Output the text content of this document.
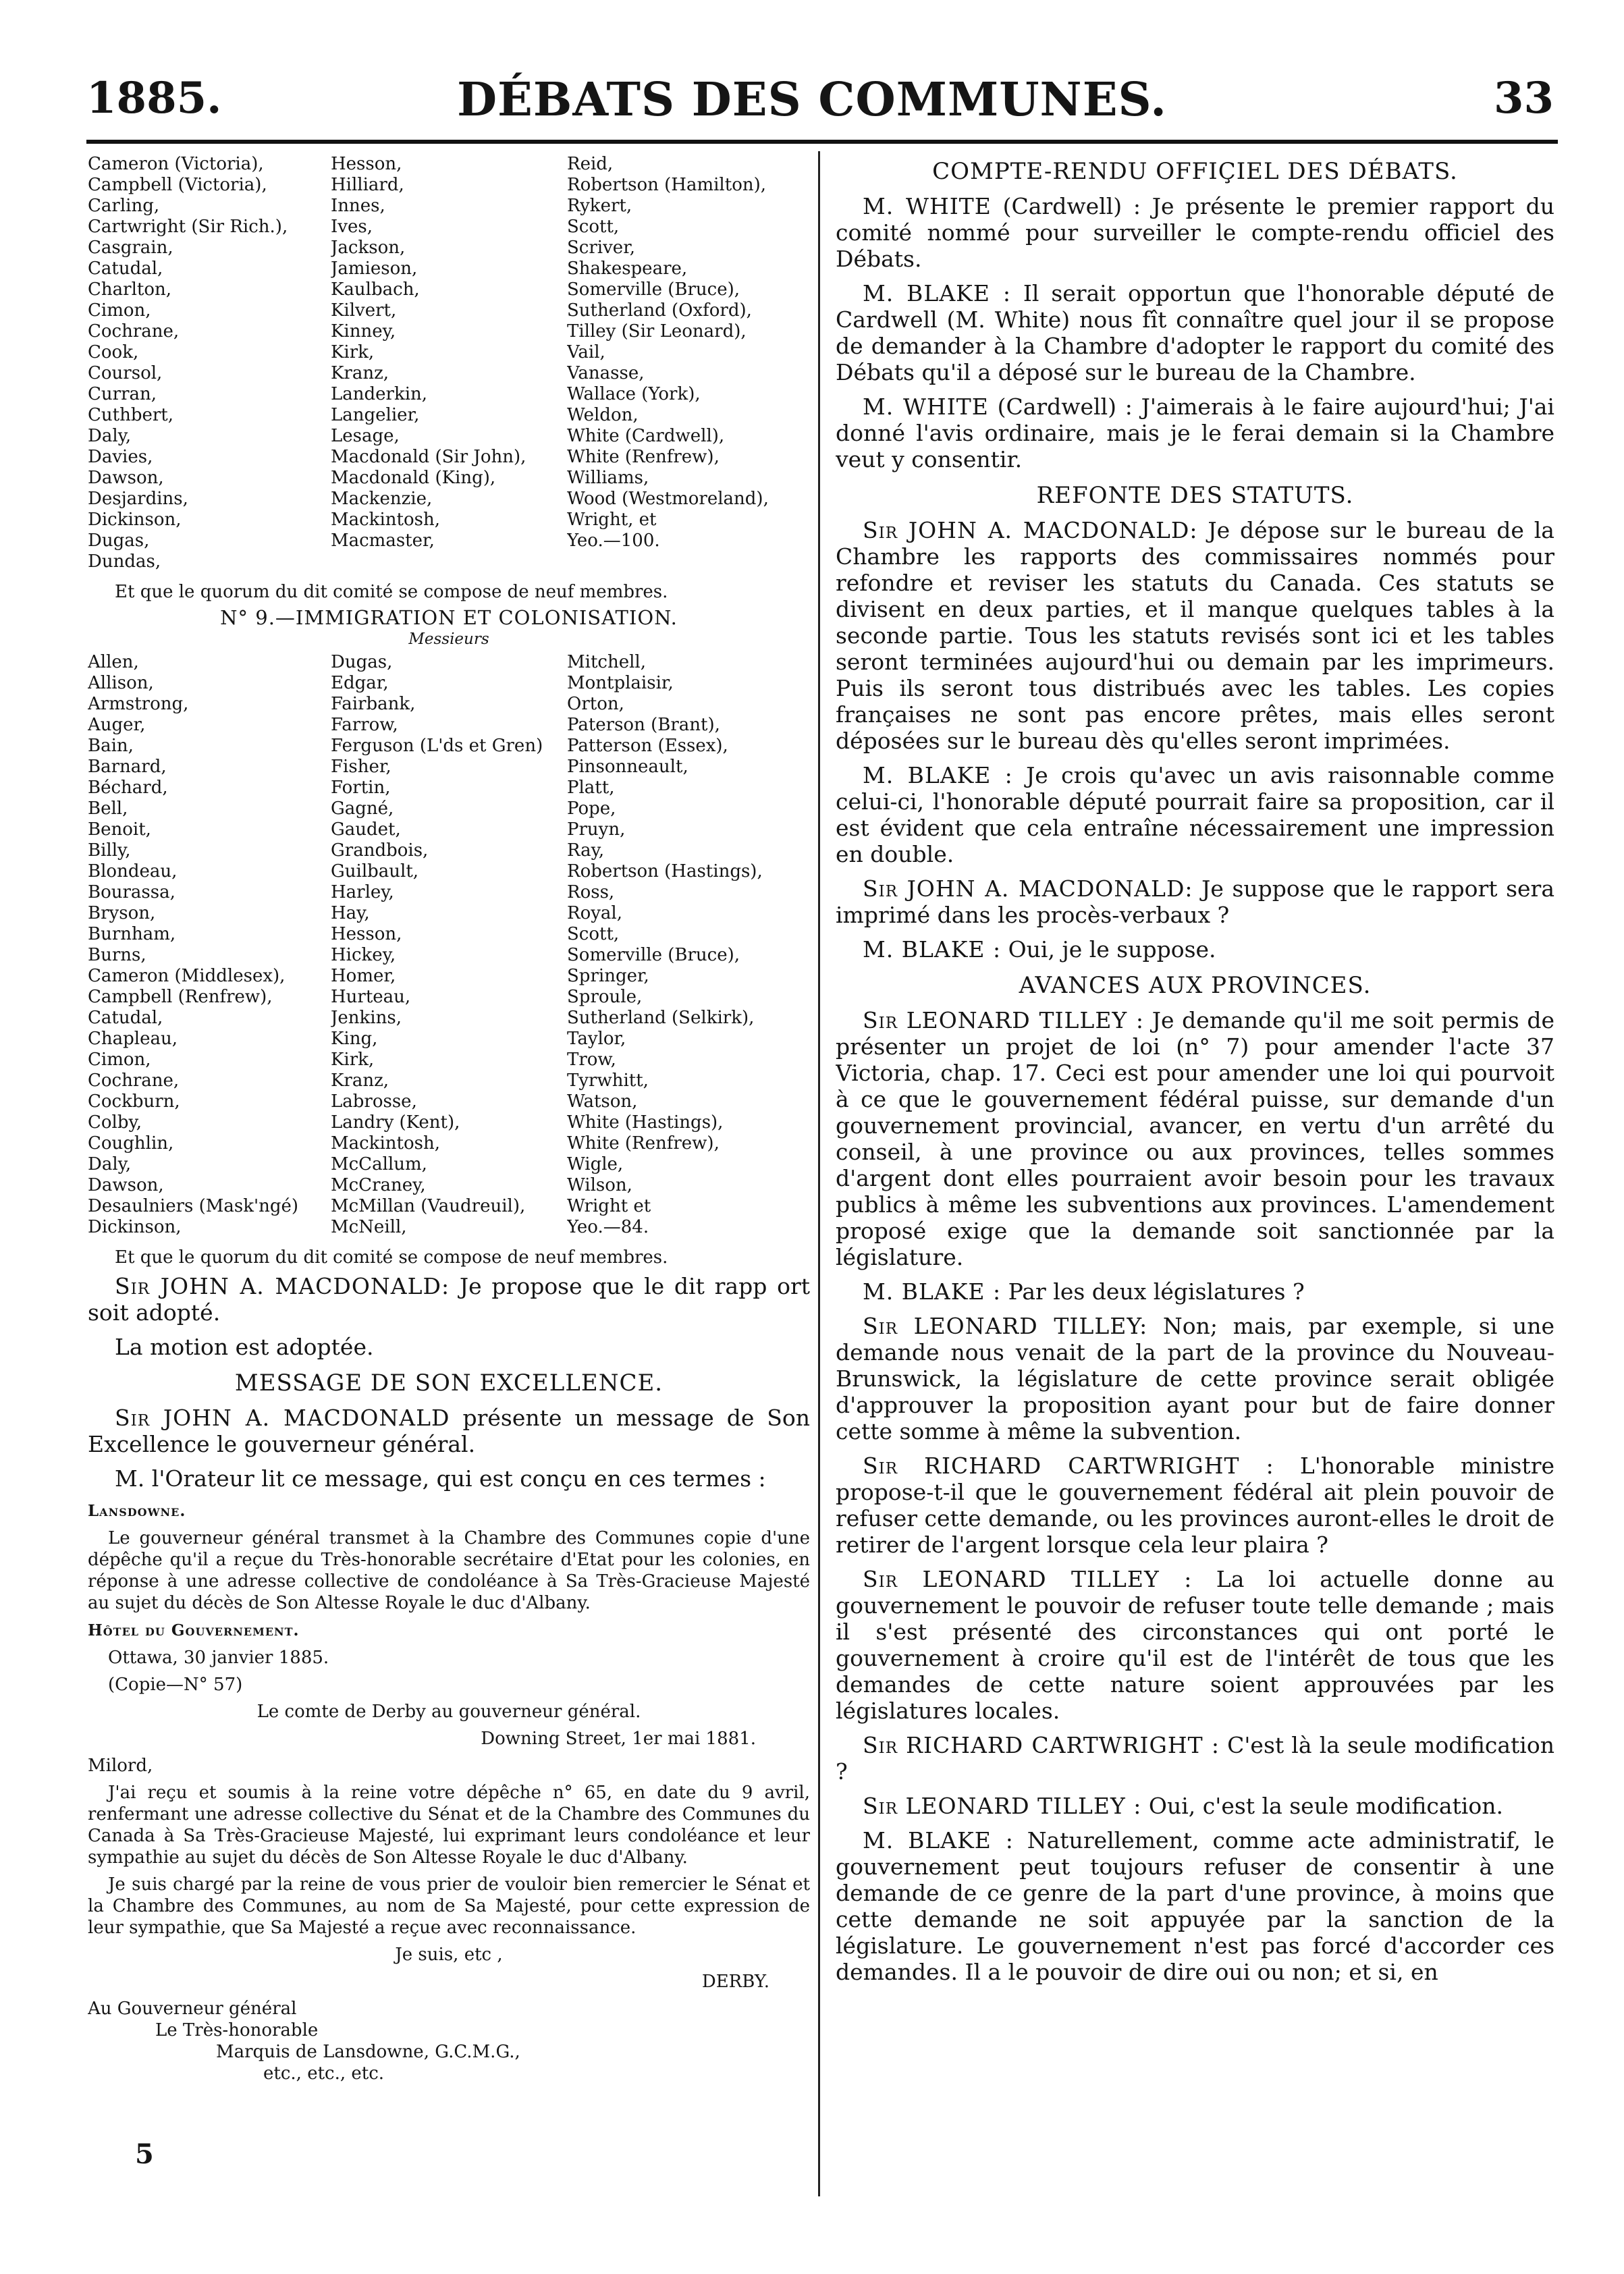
DÉBATS DES COMMUNES.
1885.	33
Cameron (Victoria),	Hesson,	Reid,
Campbell (Victoria),	Hilliard,	Robertson (Hamilton),
Carling,	Innes,	Rykert,
Cartwright (Sir Rich.),	Ives,	Scott,
Casgrain,	Jackson,	Scriver,
Catudal,	Jamieson,	Shakespeare,
Charlton,	Kaulbach,	Somerville (Bruce),
Cimon,	Kilvert,	Sutherland (Oxford),
Cochrane,	Kinney,	Tilley (Sir Leonard),
Cook,	Kirk,	Vail,
Coursol,	Kranz,	Vanasse,
Curran,	Landerkin,	Wallace (York),
Cuthbert,	Langelier,	Weldon,
Daly,	Lesage,	White (Cardwell),
Davies,	Macdonald (Sir John),	White (Renfrew),
Dawson,	Macdonald (King),	Williams,
Desjardins,	Mackenzie,	Wood (Westmoreland),
Dickinson,	Mackintosh,	Wright, et
Dugas,	Macmaster,	Yeo.—100.
Dundas,
Et que le quorum du dit comité se compose de neuf membres.
N° 9.—IMMIGRATION ET COLONISATION.
Messieurs
Allen,	Dugas,	Mitchell,
Allison,	Edgar,	Montplaisir,
Armstrong,	Fairbank,	Orton,
Auger,	Farrow,	Paterson (Brant),
Bain,	Ferguson (L'ds et Gren)	Patterson (Essex),
Barnard,	Fisher,	Pinsonneault,
Béchard,	Fortin,	Platt,
Bell,	Gagné,	Pope,
Benoit,	Gaudet,	Pruyn,
Billy,	Grandbois,	Ray,
Blondeau,	Guilbault,	Robertson (Hastings),
Bourassa,	Harley,	Ross,
Bryson,	Hay,	Royal,
Burnham,	Hesson,	Scott,
Burns,	Hickey,	Somerville (Bruce),
Cameron (Middlesex),	Homer,	Springer,
Campbell (Renfrew),	Hurteau,	Sproule,
Catudal,	Jenkins,	Sutherland (Selkirk),
Chapleau,	King,	Taylor,
Cimon,	Kirk,	Trow,
Cochrane,	Kranz,	Tyrwhitt,
Cockburn,	Labrosse,	Watson,
Colby,	Landry (Kent),	White (Hastings),
Coughlin,	Mackintosh,	White (Renfrew),
Daly,	McCallum,	Wigle,
Dawson,	McCraney,	Wilson,
Desaulniers (Mask'ngé)	McMillan (Vaudreuil),	Wright et
Dickinson,	McNeill,	Yeo.—84.
Et que le quorum du dit comité se compose de neuf membres.

Sir JOHN A. MACDONALD: Je propose que le dit rapp ort soit adopté.

La motion est adoptée.

MESSAGE DE SON EXCELLENCE.

Sir JOHN A. MACDONALD présente un message de Son Excellence le gouverneur général.

M. l'Orateur lit ce message, qui est conçu en ces termes :

Lansdowne.

Le gouverneur général transmet à la Chambre des Communes copie d'une dépêche qu'il a reçue du Très-honorable secrétaire d'Etat pour les colonies, en réponse à une adresse collective de condoléance à Sa Très-Gracieuse Majesté au sujet du décès de Son Altesse Royale le duc d'Albany.

Hôtel du Gouvernement.

Ottawa, 30 janvier 1885.

(Copie—N° 57)

Le comte de Derby au gouverneur général.

Downing Street, 1er mai 1881.

Milord,

J'ai reçu et soumis à la reine votre dépêche n° 65, en date du 9 avril, renfermant une adresse collective du Sénat et de la Chambre des Communes du Canada à Sa Très-Gracieuse Majesté, lui exprimant leurs condoléance et leur sympathie au sujet du décès de Son Altesse Royale le duc d'Albany.

Je suis chargé par la reine de vous prier de vouloir bien remercier le Sénat et la Chambre des Communes, au nom de Sa Majesté, pour cette expression de leur sympathie, que Sa Majesté a reçue avec reconnaissance.

Je suis, etc ,

DERBY.

Au Gouverneur général

Le Très-honorable

Marquis de Lansdowne, G.C.M.G.,

etc., etc., etc.

5
COMPTE-RENDU OFFIÇIEL DES DÉBATS.

M. WHITE (Cardwell) : Je présente le premier rapport du comité nommé pour surveiller le compte-rendu officiel des Débats.

M. BLAKE : Il serait opportun que l'honorable député de Cardwell (M. White) nous fît connaître quel jour il se propose de demander à la Chambre d'adopter le rapport du comité des Débats qu'il a déposé sur le bureau de la Chambre.

M. WHITE (Cardwell) : J'aimerais à le faire aujourd'hui; J'ai donné l'avis ordinaire, mais je le ferai demain si la Chambre veut y consentir.

REFONTE DES STATUTS.

Sir JOHN A. MACDONALD: Je dépose sur le bureau de la Chambre les rapports des commissaires nommés pour refondre et reviser les statuts du Canada. Ces statuts se divisent en deux parties, et il manque quelques tables à la seconde partie. Tous les statuts revisés sont ici et les tables seront terminées aujourd'hui ou demain par les imprimeurs. Puis ils seront tous distribués avec les tables. Les copies françaises ne sont pas encore prêtes, mais elles seront déposées sur le bureau dès qu'elles seront imprimées.

M. BLAKE : Je crois qu'avec un avis raisonnable comme celui-ci, l'honorable député pourrait faire sa proposition, car il est évident que cela entraîne nécessairement une impression en double.

Sir JOHN A. MACDONALD: Je suppose que le rapport sera imprimé dans les procès-verbaux ?

M. BLAKE : Oui, je le suppose.

AVANCES AUX PROVINCES.

Sir LEONARD TILLEY : Je demande qu'il me soit permis de présenter un projet de loi (n° 7) pour amender l'acte 37 Victoria, chap. 17. Ceci est pour amender une loi qui pourvoit à ce que le gouvernement fédéral puisse, sur demande d'un gouvernement provincial, avancer, en vertu d'un arrêté du conseil, à une province ou aux provinces, telles sommes d'argent dont elles pourraient avoir besoin pour les travaux publics à même les subventions aux provinces. L'amendement proposé exige que la demande soit sanctionnée par la législature.

M. BLAKE : Par les deux législatures ?

Sir LEONARD TILLEY: Non; mais, par exemple, si une demande nous venait de la part de la province du Nouveau-Brunswick, la législature de cette province serait obligée d'approuver la proposition ayant pour but de faire donner cette somme à même la subvention.

Sir RICHARD CARTWRIGHT : L'honorable ministre propose-t-il que le gouvernement fédéral ait plein pouvoir de refuser cette demande, ou les provinces auront-elles le droit de retirer de l'argent lorsque cela leur plaira ?

Sir LEONARD TILLEY : La loi actuelle donne au gouvernement le pouvoir de refuser toute telle demande ; mais il s'est présenté des circonstances qui ont porté le gouvernement à croire qu'il est de l'intérêt de tous que les demandes de cette nature soient approuvées par les législatures locales.

Sir RICHARD CARTWRIGHT : C'est là la seule modification ?

Sir LEONARD TILLEY : Oui, c'est la seule modification.

M. BLAKE : Naturellement, comme acte administratif, le gouvernement peut toujours refuser de consentir à une demande de ce genre de la part d'une province, à moins que cette demande ne soit appuyée par la sanction de la législature. Le gouvernement n'est pas forcé d'accorder ces demandes. Il a le pouvoir de dire oui ou non; et si, en
